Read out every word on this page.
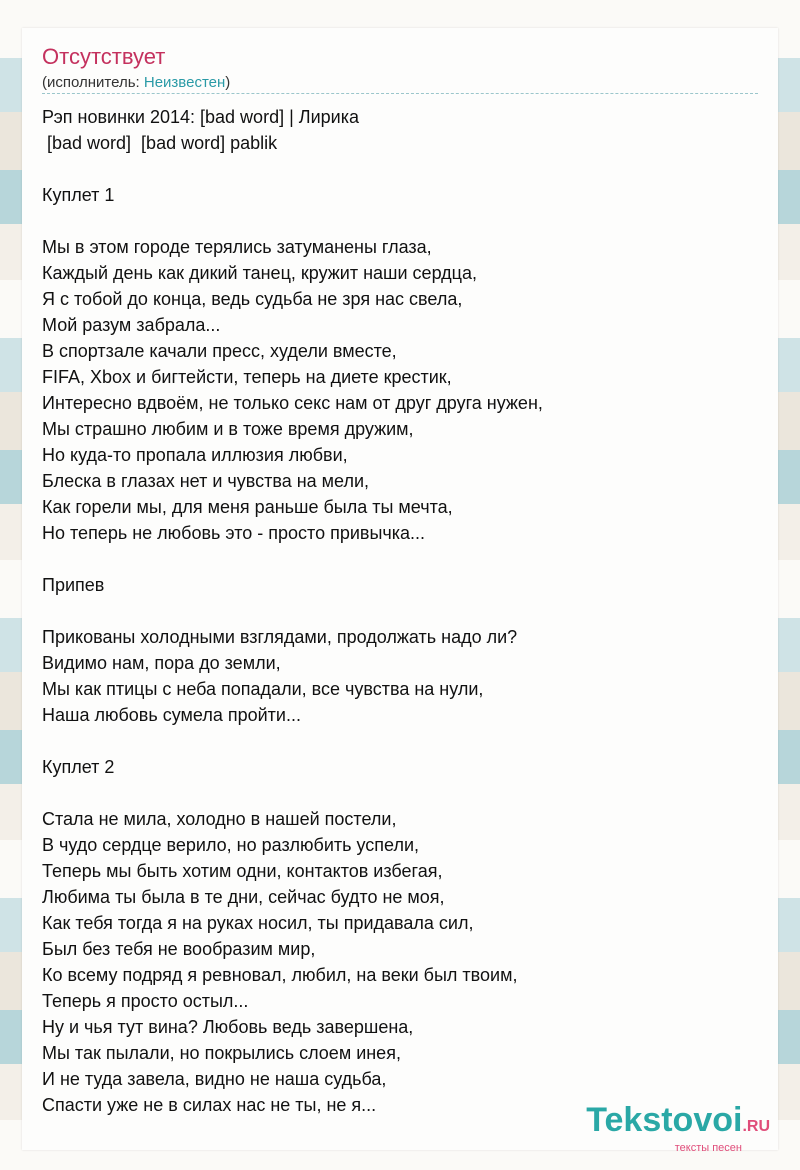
Отсутствует
(исполнитель: Неизвестен)
Рэп новинки 2014: [bad word] | Лирика
[bad word]  [bad word] pablik
Куплет 1
Мы в этом городе терялись затуманены глаза,
Каждый день как дикий танец, кружит наши сердца,
Я с тобой до конца, ведь судьба не зря нас свела,
Мой разум забрала...
В спортзале качали пресс, худели вместе,
FIFA, Xbox и бигтейсти, теперь на диете крестик,
Интересно вдвоём, не только секс нам от друг друга нужен,
Мы страшно любим и в тоже время дружим,
Но куда-то пропала иллюзия любви,
Блеска в глазах нет и чувства на мели,
Как горели мы, для меня раньше была ты мечта,
Но теперь не любовь это - просто привычка...
Припев
Прикованы холодными взглядами, продолжать надо ли?
Видимо нам, пора до земли,
Мы как птицы с неба попадали, все чувства на нули,
Наша любовь сумела пройти...
Куплет 2
Стала не мила, холодно в нашей постели,
В чудо сердце верило, но разлюбить успели,
Теперь мы быть хотим одни, контактов избегая,
Любима ты была в те дни, сейчас будто не моя,
Как тебя тогда я на руках носил, ты придавала сил,
Был без тебя не вообразим мир,
Ко всему подряд я ревновал, любил, на веки был твоим,
Теперь я просто остыл...
Ну и чья тут вина? Любовь ведь завершена,
Мы так пылали, но покрылись слоем инея,
И не туда завела, видно не наша судьба,
Спасти уже не в силах нас не ты, не я...	Tekstovoi.RU
тексты песен
